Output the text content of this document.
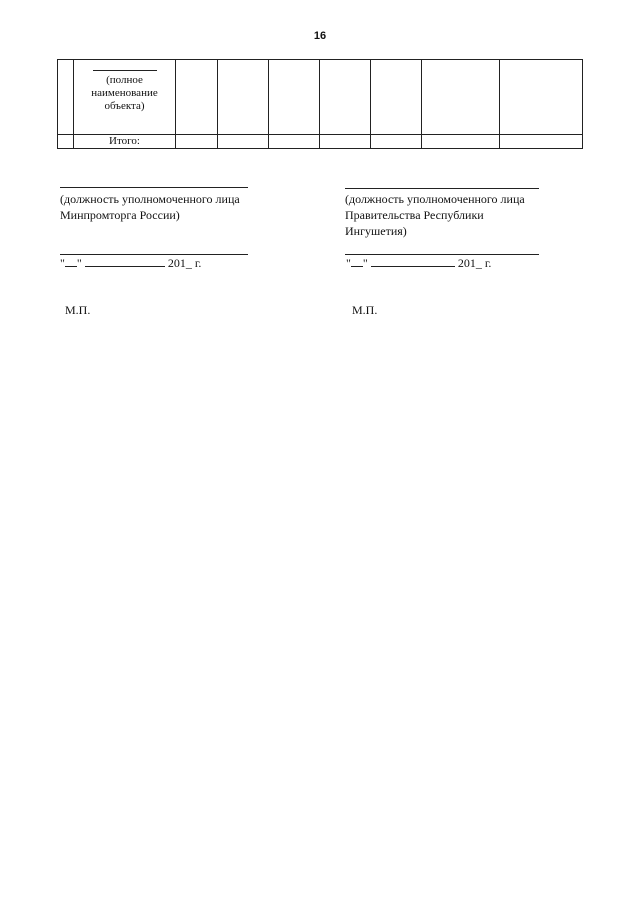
16

	(полное
наименование
объекта)							

	Итого:							
(должность уполномоченного лица Минпромторга России)
" "	201_ г.
М.П.
(должность уполномоченного лица Правительства Республики Ингушетия)
" "	201_ г.
М.П.
